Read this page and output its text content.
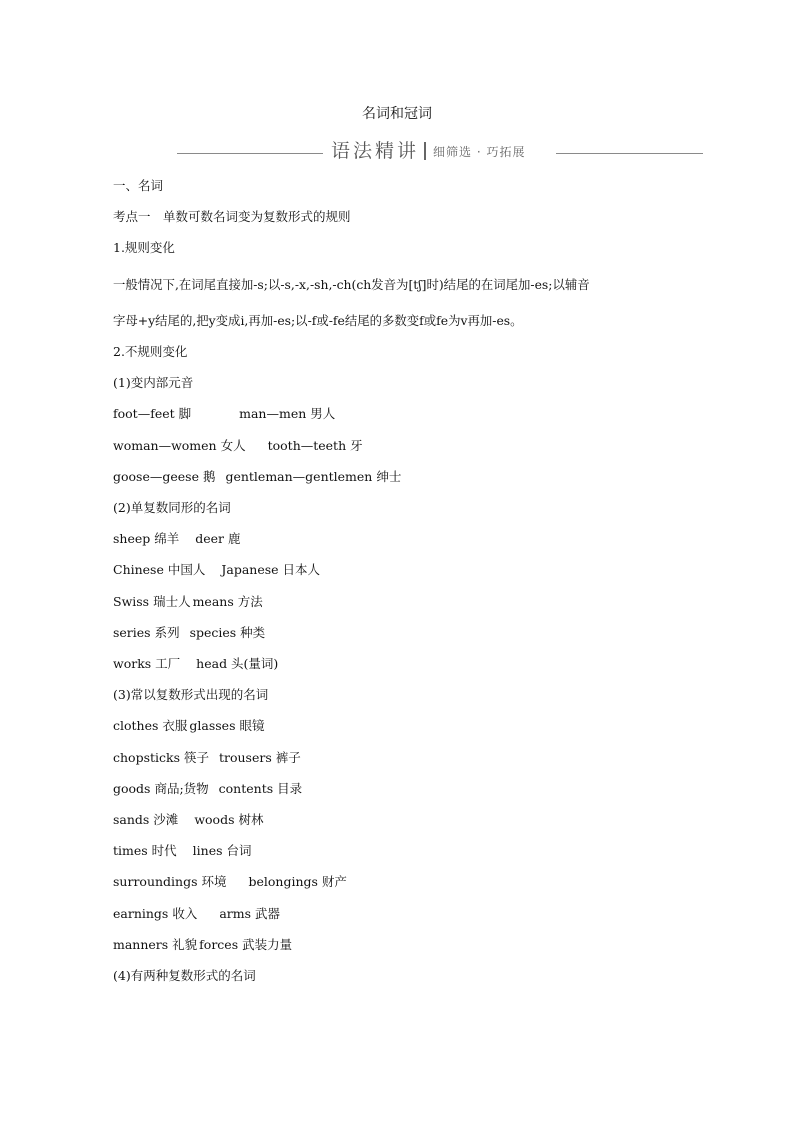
名词和冠词
语法精讲 细筛选 · 巧拓展
一、名词
考点一　单数可数名词变为复数形式的规则
1.规则变化
一般情况下,在词尾直接加-s;以-s,-x,-sh,-ch(ch发音为[tʃ]时)结尾的在词尾加-es;以辅音
字母+y结尾的,把y变成i,再加-es;以-f或-fe结尾的多数变f或fe为v再加-es。
2.不规则变化
(1)变内部元音
foot—feet 脚	man—men 男人
woman—women 女人 tooth—teeth 牙
goose—geese 鹅 gentleman—gentlemen 绅士
(2)单复数同形的名词
sheep 绵羊 deer 鹿
Chinese 中国人 Japanese 日本人
Swiss 瑞士人 means 方法
series 系列 species 种类
works 工厂 head 头(量词)
(3)常以复数形式出现的名词
clothes 衣服 glasses 眼镜
chopsticks 筷子 trousers 裤子
goods 商品;货物 contents 目录
sands 沙滩 woods 树林
times 时代 lines 台词
surroundings 环境 belongings 财产
earnings 收入 arms 武器
manners 礼貌 forces 武装力量
(4)有两种复数形式的名词
